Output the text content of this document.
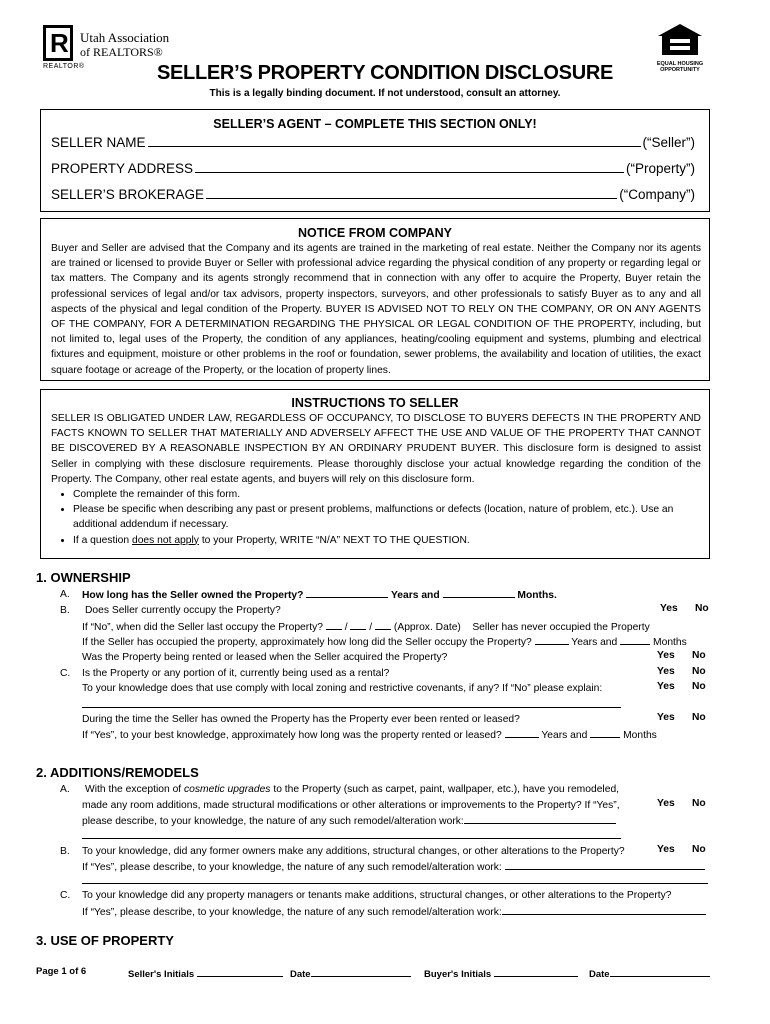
R
REALTOR®
Utah Association
of REALTORS®
EQUAL HOUSING
OPPORTUNITY
SELLER’S PROPERTY CONDITION DISCLOSURE
This is a legally binding document. If not understood, consult an attorney.
SELLER’S AGENT – COMPLETE THIS SECTION ONLY!
SELLER NAME	(“Seller”)
PROPERTY ADDRESS	(“Property”)
SELLER’S BROKERAGE	(“Company”)
NOTICE FROM COMPANY
Buyer and Seller are advised that the Company and its agents are trained in the marketing of real estate. Neither the Company nor its agents are trained or licensed to provide Buyer or Seller with professional advice regarding the physical condition of any property or regarding legal or tax matters. The Company and its agents strongly recommend that in connection with any offer to acquire the Property, Buyer retain the professional services of legal and/or tax advisors, property inspectors, surveyors, and other professionals to satisfy Buyer as to any and all aspects of the physical and legal condition of the Property. BUYER IS ADVISED NOT TO RELY ON THE COMPANY, OR ON ANY AGENTS OF THE COMPANY, FOR A DETERMINATION REGARDING THE PHYSICAL OR LEGAL CONDITION OF THE PROPERTY, including, but not limited to, legal uses of the Property, the condition of any appliances, heating/cooling equipment and systems, plumbing and electrical fixtures and equipment, moisture or other problems in the roof or foundation, sewer problems, the availability and location of utilities, the exact square footage or acreage of the Property, or the location of property lines.
INSTRUCTIONS TO SELLER
SELLER IS OBLIGATED UNDER LAW, REGARDLESS OF OCCUPANCY, TO DISCLOSE TO BUYERS DEFECTS IN THE PROPERTY AND FACTS KNOWN TO SELLER THAT MATERIALLY AND ADVERSELY AFFECT THE USE AND VALUE OF THE PROPERTY THAT CANNOT BE DISCOVERED BY A REASONABLE INSPECTION BY AN ORDINARY PRUDENT BUYER. This disclosure form is designed to assist Seller in complying with these disclosure requirements. Please thoroughly disclose your actual knowledge regarding the condition of the Property. The Company, other real estate agents, and buyers will rely on this disclosure form.
• Complete the remainder of this form.
• Please be specific when describing any past or present problems, malfunctions or defects (location, nature of problem, etc.). Use an additional addendum if necessary.
• If a question does not apply to your Property, WRITE “N/A” NEXT TO THE QUESTION.
1. OWNERSHIP
A. How long has the Seller owned the Property?	Years and	Months.
B. Does Seller currently occupy the Property?	Yes No
If “No”, when did the Seller last occupy the Property?  /  /  (Approx. Date) Seller has never occupied the Property
If the Seller has occupied the property, approximately how long did the Seller occupy the Property?	Years and	Months
Was the Property being rented or leased when the Seller acquired the Property?	Yes No
C. Is the Property or any portion of it, currently being used as a rental?	Yes No
To your knowledge does that use comply with local zoning and restrictive covenants, if any? If “No” please explain:	Yes No
During the time the Seller has owned the Property has the Property ever been rented or leased?	Yes No
If “Yes”, to your best knowledge, approximately how long was the property rented or leased?	Years and	Months
2. ADDITIONS/REMODELS
A. With the exception of cosmetic upgrades to the Property (such as carpet, paint, wallpaper, etc.), have you remodeled,
made any room additions, made structural modifications or other alterations or improvements to the Property? If “Yes”,	Yes No
please describe, to your knowledge, the nature of any such remodel/alteration work:
B. To your knowledge, did any former owners make any additions, structural changes, or other alterations to the Property?	Yes No
If “Yes”, please describe, to your knowledge, the nature of any such remodel/alteration work:
C. To your knowledge did any property managers or tenants make additions, structural changes, or other alterations to the Property?
If “Yes”, please describe, to your knowledge, the nature of any such remodel/alteration work:
3. USE OF PROPERTY
Page 1 of 6	Seller's Initials	Date	Buyer's Initials	Date
